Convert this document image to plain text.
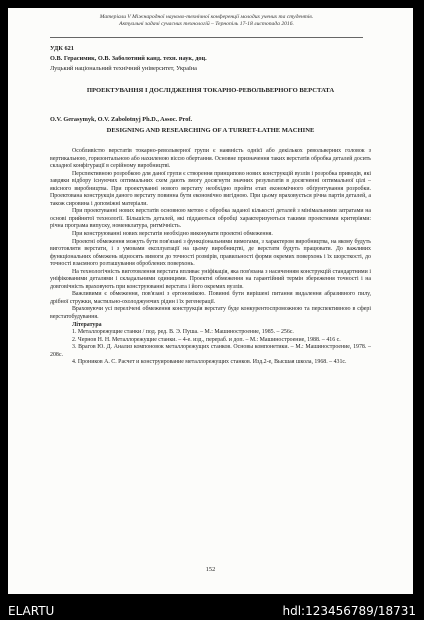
Матеріали V Міжнародної науково-технічної конференції молодих учених та студентів.
Актуальні задачі сучасних технологій – Тернопіль 17-18 листопада 2016.
УДК 621
О.В. Герасимик, О.В. Заболотний канд. техн. наук, доц.
Луцький національний технічний університет, Україна
ПРОЕКТУВАННЯ І ДОСЛІДЖЕННЯ ТОКАРНО-РЕВОЛЬВЕРНОГО ВЕРСТАТА
O.V. Gerasymyk, O.V. Zabolotnyj Ph.D., Assoc. Prof.
DESIGNING AND RESEARCHING OF A TURRET-LATHE MACHINE

Особливістю верстатів токарно-револьверної групи є наявність однієї або декількох револьверних головок з вертикальною, горизонтальною або нахиленою віссю обертання. Основне призначення таких верстатів обробка деталей досить складної конфігурації в серійному виробництві.

Перспективною розробкою для даної групи є створення принципово нових конструкцій вузлів і розробка приводів, які завдяки відбору існуючих оптимальних схем дають змогу досягнути значних результатів в досягненні оптимальної цілі – якісного виробництва. При проектуванні нового верстату необхідно пройти етап економічного обґрунтування розробки. Проектована конструкція даного верстату повинна бути економічно вигідною. При цьому враховується річна партія деталей, а також сировина і допоміжні матеріали.

При проектуванні нових верстатів основною метою є обробка заданої кількості деталей з мінімальними затратами на основі прийнятої технології. Більшість деталей, які піддаються обробці характеризуються такими проектними критеріями: річна програма випуску, номенклатура, ритмічність.

При конструюванні нових верстатів необхідно виконувати проектні обмеження.

Проектні обмеження можуть бути пов'язані з функціональними вимогами, з характером виробництва, на якому будуть виготовляти верстати, і з умовами експлуатації на цьому виробництві, де верстати будуть працювати. До важливих функціональних обмежень відносять вимоги до точності розмірів, правильності форми окремих поверхонь і їх шорсткості, до точності взаємного розташування оброблених поверхонь.

На технологічність виготовлення верстата впливає уніфікація, яка пов'язана з насиченням конструкцій стандартними і уніфікованими деталями і складальними одиницями. Проектні обмеження на гарантійний термін збереження точності і на довговічність враховують при конструюванні верстата і його окремих вузлів.

Важливими є обмеження, пов'язані з ергономікою. Повинні бути вирішені питання видалення абразивного пилу, дрібної стружки, мастильно-охолоджуючих рідин і їх регенерації.

Враховуючи усі перелічені обмеження конструкція верстату буде конкурентоспроможною та перспективною в сфері верстатобудування.

Література

1. Металлорежущие станки / под. ред. В. Э. Пуша. – М.: Машиностроение, 1985. – 256с.

2. Чернов Н. Н. Металлорежущие станки. – 4-е. изд., перераб. и доп. – М.: Машиностроение, 1988. – 416 с.

3. Врагов Ю. Д. Анализ компоновок металлорежущих станков. Основы компонетики. – М.: Машиностроение, 1978. – 208с.

4. Проников А. С. Расчет и конструирование металлорежущих станков. Изд.2-е, Высшая школа, 1968. – 431с.

152
ELARTU	hdl:123456789/18731
